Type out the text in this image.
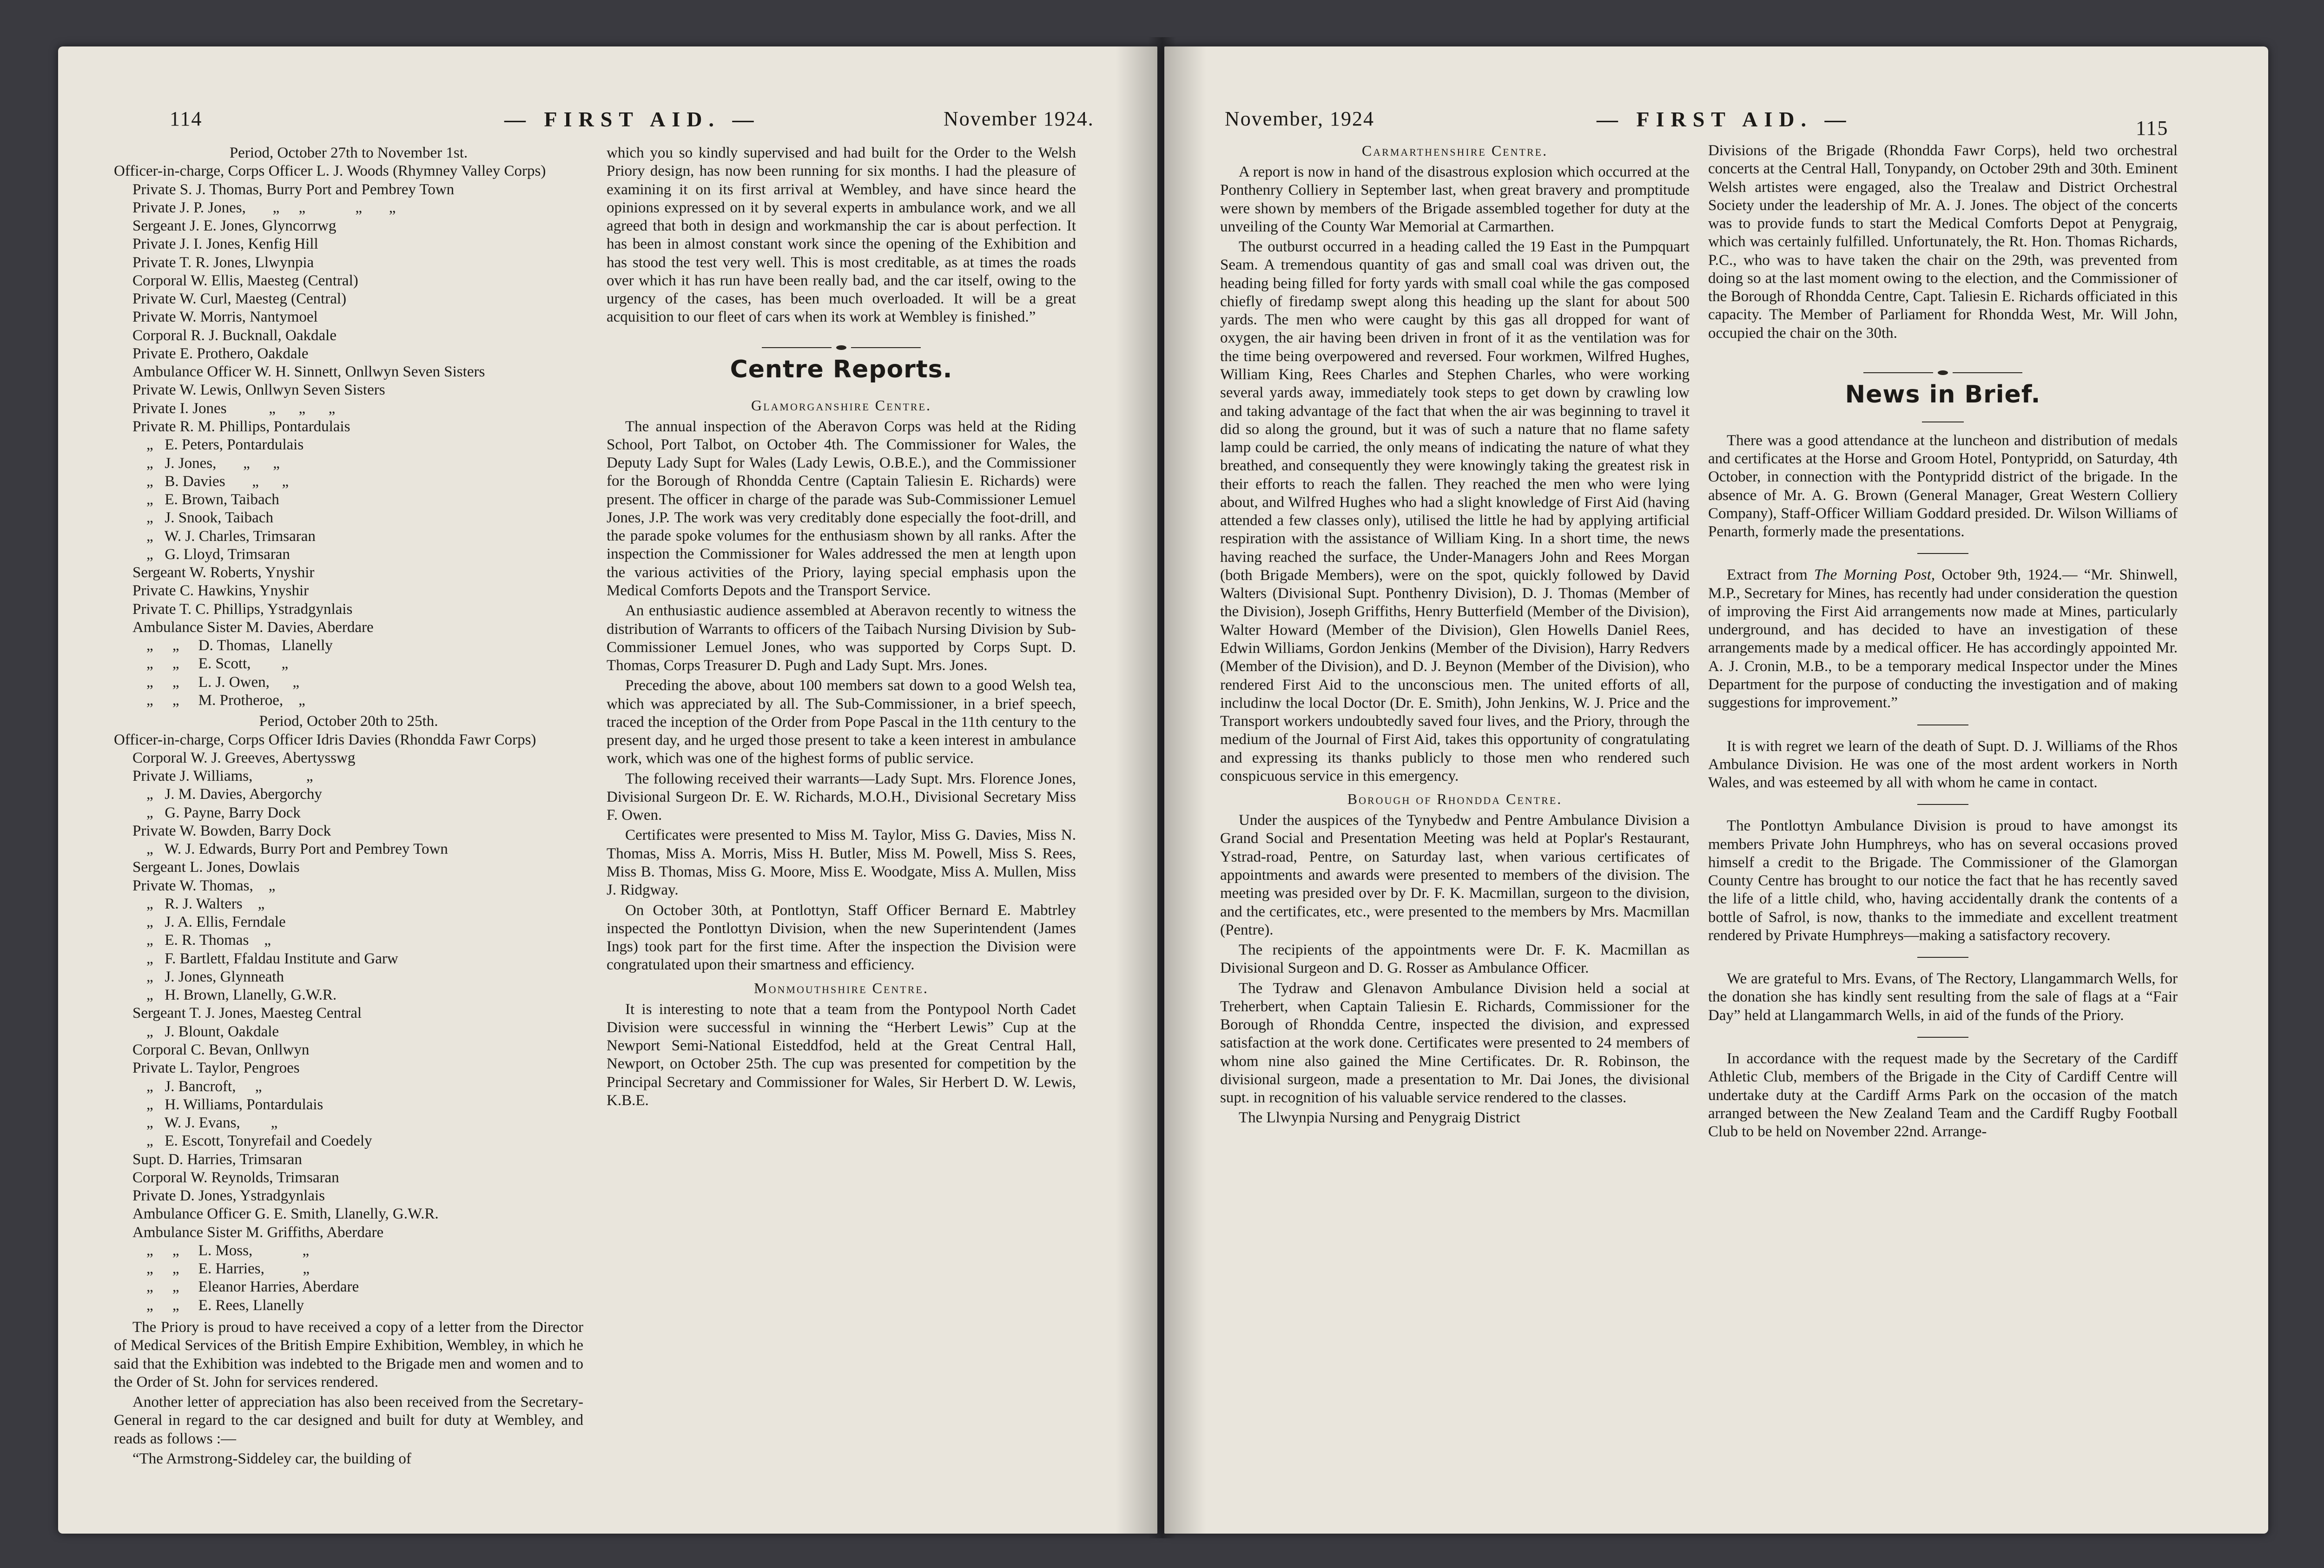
114	— FIRST AID. —	November 1924.
Period, October 27th to November 1st.
Officer-in-charge, Corps Officer L. J. Woods (Rhymney Valley Corps)
Private S. J. Thomas, Burry Port and Pembrey Town
Private J. P. Jones,       „     „             „       „
Sergeant J. E. Jones, Glyncorrwg
Private J. I. Jones, Kenfig Hill
Private T. R. Jones, Llwynpia
Corporal W. Ellis, Maesteg (Central)
Private W. Curl, Maesteg (Central)
Private W. Morris, Nantymoel
Corporal R. J. Bucknall, Oakdale
Private E. Prothero, Oakdale
Ambulance Officer W. H. Sinnett, Onllwyn Seven Sisters
Private W. Lewis, Onllwyn Seven Sisters
Private I. Jones           „      „      „
Private R. M. Phillips, Pontardulais
„   E. Peters, Pontardulais
„   J. Jones,       „      „
„   B. Davies       „      „
„   E. Brown, Taibach
„   J. Snook, Taibach
„   W. J. Charles, Trimsaran
„   G. Lloyd, Trimsaran
Sergeant W. Roberts, Ynyshir
Private C. Hawkins, Ynyshir
Private T. C. Phillips, Ystradgynlais
Ambulance Sister M. Davies, Aberdare
„     „     D. Thomas,   Llanelly
„     „     E. Scott,        „
„     „     L. J. Owen,      „
„     „     M. Protheroe,    „
Period, October 20th to 25th.
Officer-in-charge, Corps Officer Idris Davies (Rhondda Fawr Corps)
Corporal W. J. Greeves, Abertysswg
Private J. Williams,              „
„   J. M. Davies, Abergorchy
„   G. Payne, Barry Dock
Private W. Bowden, Barry Dock
„   W. J. Edwards, Burry Port and Pembrey Town
Sergeant L. Jones, Dowlais
Private W. Thomas,    „
„   R. J. Walters    „
„   J. A. Ellis, Ferndale
„   E. R. Thomas    „
„   F. Bartlett, Ffaldau Institute and Garw
„   J. Jones, Glynneath
„   H. Brown, Llanelly, G.W.R.
Sergeant T. J. Jones, Maesteg Central
„   J. Blount, Oakdale
Corporal C. Bevan, Onllwyn
Private L. Taylor, Pengroes
„   J. Bancroft,     „
„   H. Williams, Pontardulais
„   W. J. Evans,        „
„   E. Escott, Tonyrefail and Coedely
Supt. D. Harries, Trimsaran
Corporal W. Reynolds, Trimsaran
Private D. Jones, Ystradgynlais
Ambulance Officer G. E. Smith, Llanelly, G.W.R.
Ambulance Sister M. Griffiths, Aberdare
„     „     L. Moss,             „
„     „     E. Harries,          „
„     „     Eleanor Harries, Aberdare
„     „     E. Rees, Llanelly

The Priory is proud to have received a copy of a letter from the Director of Medical Services of the British Empire Exhibition, Wembley, in which he said that the Exhibition was indebted to the Brigade men and women and to the Order of St. John for services rendered.

Another letter of appreciation has also been received from the Secretary-General in regard to the car designed and built for duty at Wembley, and reads as follows :—

“The Armstrong-Siddeley car, the building of

which you so kindly supervised and had built for the Order to the Welsh Priory design, has now been running for six months. I had the pleasure of examining it on its first arrival at Wembley, and have since heard the opinions expressed on it by several experts in ambulance work, and we all agreed that both in design and workmanship the car is about perfection. It has been in almost constant work since the opening of the Exhibition and has stood the test very well. This is most creditable, as at times the roads over which it has run have been really bad, and the car itself, owing to the urgency of the cases, has been much overloaded. It will be a great acquisition to our fleet of cars when its work at Wembley is finished.”

Centre Reports.
Glamorganshire Centre.

The annual inspection of the Aberavon Corps was held at the Riding School, Port Talbot, on October 4th. The Commissioner for Wales, the Deputy Lady Supt for Wales (Lady Lewis, O.B.E.), and the Commissioner for the Borough of Rhondda Centre (Captain Taliesin E. Richards) were present. The officer in charge of the parade was Sub-Commissioner Lemuel Jones, J.P. The work was very creditably done especially the foot-drill, and the parade spoke volumes for the enthusiasm shown by all ranks. After the inspection the Commissioner for Wales addressed the men at length upon the various activities of the Priory, laying special emphasis upon the Medical Comforts Depots and the Transport Service.

An enthusiastic audience assembled at Aberavon recently to witness the distribution of Warrants to officers of the Taibach Nursing Division by Sub-Commissioner Lemuel Jones, who was supported by Corps Supt. D. Thomas, Corps Treasurer D. Pugh and Lady Supt. Mrs. Jones.

Preceding the above, about 100 members sat down to a good Welsh tea, which was appreciated by all. The Sub-Commissioner, in a brief speech, traced the inception of the Order from Pope Pascal in the 11th century to the present day, and he urged those present to take a keen interest in ambulance work, which was one of the highest forms of public service.

The following received their warrants—Lady Supt. Mrs. Florence Jones, Divisional Surgeon Dr. E. W. Richards, M.O.H., Divisional Secretary Miss F. Owen.

Certificates were presented to Miss M. Taylor, Miss G. Davies, Miss N. Thomas, Miss A. Morris, Miss H. Butler, Miss M. Powell, Miss S. Rees, Miss B. Thomas, Miss G. Moore, Miss E. Woodgate, Miss A. Mullen, Miss J. Ridgway.

On October 30th, at Pontlottyn, Staff Officer Bernard E. Mabtrley inspected the Pontlottyn Division, when the new Superintendent (James Ings) took part for the first time. After the inspection the Division were congratulated upon their smartness and efficiency.

Monmouthshire Centre.

It is interesting to note that a team from the Pontypool North Cadet Division were successful in winning the “Herbert Lewis” Cup at the Newport Semi-National Eisteddfod, held at the Great Central Hall, Newport, on October 25th. The cup was presented for competition by the Principal Secretary and Commissioner for Wales, Sir Herbert D. W. Lewis, K.B.E.

November, 1924	— FIRST AID. —	115
Carmarthenshire Centre.

A report is now in hand of the disastrous explosion which occurred at the Ponthenry Colliery in September last, when great bravery and promptitude were shown by members of the Brigade assembled together for duty at the unveiling of the County War Memorial at Carmarthen.

The outburst occurred in a heading called the 19 East in the Pumpquart Seam. A tremendous quantity of gas and small coal was driven out, the heading being filled for forty yards with small coal while the gas composed chiefly of firedamp swept along this heading up the slant for about 500 yards. The men who were caught by this gas all dropped for want of oxygen, the air having been driven in front of it as the ventilation was for the time being overpowered and reversed. Four workmen, Wilfred Hughes, William King, Rees Charles and Stephen Charles, who were working several yards away, immediately took steps to get down by crawling low and taking advantage of the fact that when the air was beginning to travel it did so along the ground, but it was of such a nature that no flame safety lamp could be carried, the only means of indicating the nature of what they breathed, and consequently they were knowingly taking the greatest risk in their efforts to reach the fallen. They reached the men who were lying about, and Wilfred Hughes who had a slight knowledge of First Aid (having attended a few classes only), utilised the little he had by applying artificial respiration with the assistance of William King. In a short time, the news having reached the surface, the Under-Managers John and Rees Morgan (both Brigade Members), were on the spot, quickly followed by David Walters (Divisional Supt. Ponthenry Division), D. J. Thomas (Member of the Division), Joseph Griffiths, Henry Butterfield (Member of the Division), Walter Howard (Member of the Division), Glen Howells Daniel Rees, Edwin Williams, Gordon Jenkins (Member of the Division), Harry Redvers (Member of the Division), and D. J. Beynon (Member of the Division), who rendered First Aid to the unconscious men. The united efforts of all, includinw the local Doctor (Dr. E. Smith), John Jenkins, W. J. Price and the Transport workers undoubtedly saved four lives, and the Priory, through the medium of the Journal of First Aid, takes this opportunity of congratulating and expressing its thanks publicly to those men who rendered such conspicuous service in this emergency.

Borough of Rhondda Centre.

Under the auspices of the Tynybedw and Pentre Ambulance Division a Grand Social and Presentation Meeting was held at Poplar's Restaurant, Ystrad-road, Pentre, on Saturday last, when various certificates of appointments and awards were presented to members of the division. The meeting was presided over by Dr. F. K. Macmillan, surgeon to the division, and the certificates, etc., were presented to the members by Mrs. Macmillan (Pentre).

The recipients of the appointments were Dr. F. K. Macmillan as Divisional Surgeon and D. G. Rosser as Ambulance Officer.

The Tydraw and Glenavon Ambulance Division held a social at Treherbert, when Captain Taliesin E. Richards, Commissioner for the Borough of Rhondda Centre, inspected the division, and expressed satisfaction at the work done. Certificates were presented to 24 members of whom nine also gained the Mine Certificates. Dr. R. Robinson, the divisional surgeon, made a presentation to Mr. Dai Jones, the divisional supt. in recognition of his valuable service rendered to the classes.

The Llwynpia Nursing and Penygraig District

Divisions of the Brigade (Rhondda Fawr Corps), held two orchestral concerts at the Central Hall, Tonypandy, on October 29th and 30th. Eminent Welsh artistes were engaged, also the Trealaw and District Orchestral Society under the leadership of Mr. A. J. Jones. The object of the concerts was to provide funds to start the Medical Comforts Depot at Penygraig, which was certainly fulfilled. Unfortunately, the Rt. Hon. Thomas Richards, P.C., who was to have taken the chair on the 29th, was prevented from doing so at the last moment owing to the election, and the Commissioner of the Borough of Rhondda Centre, Capt. Taliesin E. Richards officiated in this capacity. The Member of Parliament for Rhondda West, Mr. Will John, occupied the chair on the 30th.

News in Brief.

There was a good attendance at the luncheon and distribution of medals and certificates at the Horse and Groom Hotel, Pontypridd, on Saturday, 4th October, in connection with the Pontypridd district of the brigade. In the absence of Mr. A. G. Brown (General Manager, Great Western Colliery Company), Staff-Officer William Goddard presided. Dr. Wilson Williams of Penarth, formerly made the presentations.

Extract from The Morning Post, October 9th, 1924.— “Mr. Shinwell, M.P., Secretary for Mines, has recently had under consideration the question of improving the First Aid arrangements now made at Mines, particularly underground, and has decided to have an investigation of these arrangements made by a medical officer. He has accordingly appointed Mr. A. J. Cronin, M.B., to be a temporary medical Inspector under the Mines Department for the purpose of conducting the investigation and of making suggestions for improvement.”

It is with regret we learn of the death of Supt. D. J. Williams of the Rhos Ambulance Division. He was one of the most ardent workers in North Wales, and was esteemed by all with whom he came in contact.

The Pontlottyn Ambulance Division is proud to have amongst its members Private John Humphreys, who has on several occasions proved himself a credit to the Brigade. The Commissioner of the Glamorgan County Centre has brought to our notice the fact that he has recently saved the life of a little child, who, having accidentally drank the contents of a bottle of Safrol, is now, thanks to the immediate and excellent treatment rendered by Private Humphreys—making a satisfactory recovery.

We are grateful to Mrs. Evans, of The Rectory, Llangammarch Wells, for the donation she has kindly sent resulting from the sale of flags at a “Fair Day” held at Llangammarch Wells, in aid of the funds of the Priory.

In accordance with the request made by the Secretary of the Cardiff Athletic Club, members of the Brigade in the City of Cardiff Centre will undertake duty at the Cardiff Arms Park on the occasion of the match arranged between the New Zealand Team and the Cardiff Rugby Football Club to be held on November 22nd. Arrange-
